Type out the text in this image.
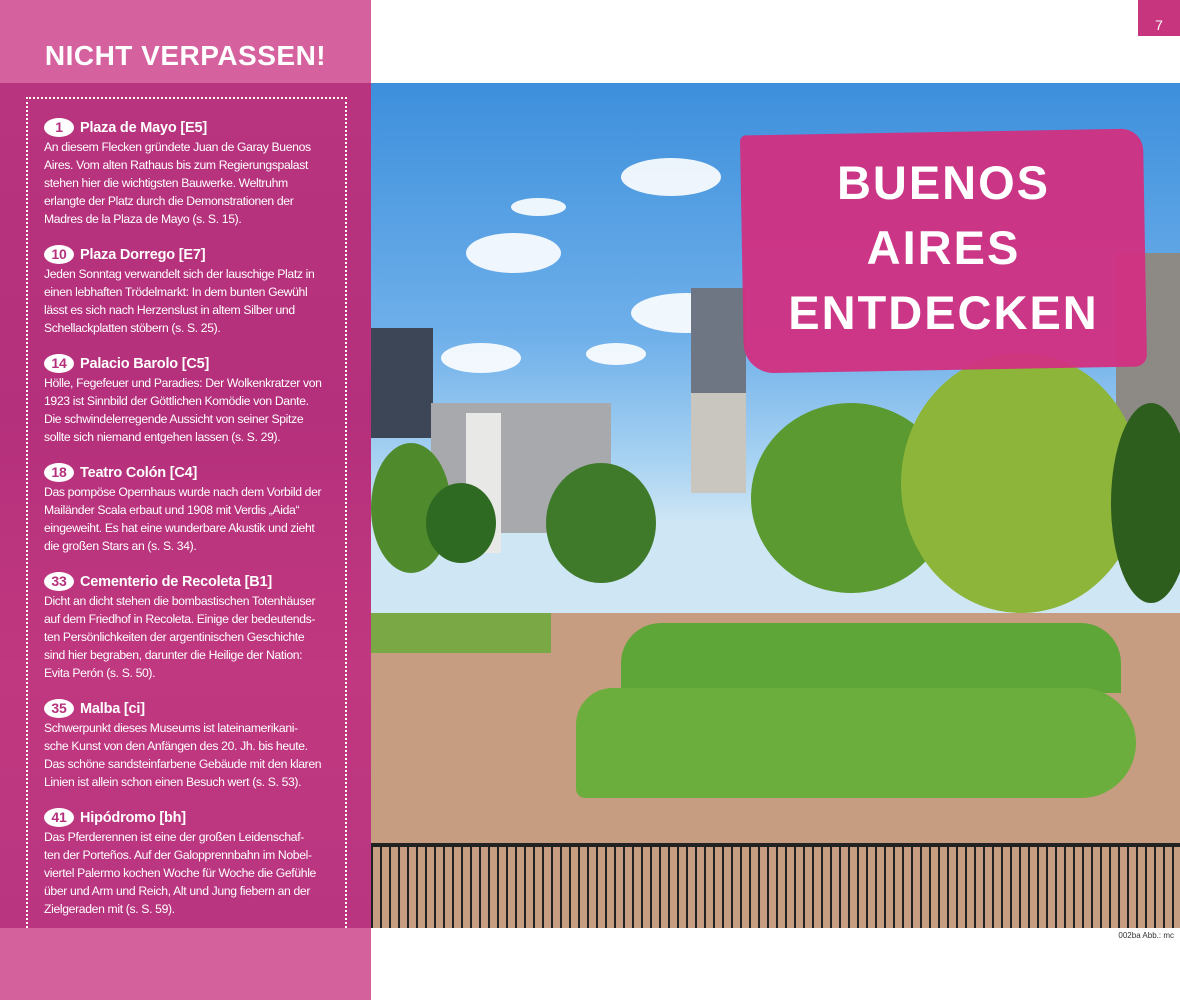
NICHT VERPASSEN!
1	Plaza de Mayo [E5]

An diesem Flecken gründete Juan de Garay Buenos

Aires. Vom alten Rathaus bis zum Regierungspalast

stehen hier die wichtigsten Bauwerke. Weltruhm

erlangte der Platz durch die Demonstrationen der

Madres de la Plaza de Mayo (s. S. 15).

10 Plaza Dorrego [E7]

Jeden Sonntag verwandelt sich der lauschige Platz in

einen lebhaften Trödelmarkt: In dem bunten Gewühl

lässt es sich nach Herzenslust in altem Silber und

Schellackplatten stöbern (s. S. 25).

14 Palacio Barolo [C5]

Hölle, Fegefeuer und Paradies: Der Wolkenkratzer von

1923 ist Sinnbild der Göttlichen Komödie von Dante.

Die schwindelerregende Aussicht von seiner Spitze

sollte sich niemand entgehen lassen (s. S. 29).

18 Teatro Colón [C4]

Das pompöse Opernhaus wurde nach dem Vorbild der

Mailänder Scala erbaut und 1908 mit Verdis „Aida“

eingeweiht. Es hat eine wunderbare Akustik und zieht

die großen Stars an (s. S. 34).

33 Cementerio de Recoleta [B1]

Dicht an dicht stehen die bombastischen Totenhäuser

auf dem Friedhof in Recoleta. Einige der bedeutends-

ten Persönlichkeiten der argentinischen Geschichte

sind hier begraben, darunter die Heilige der Nation:

Evita Perón (s. S. 50).

35 Malba [ci]

Schwerpunkt dieses Museums ist lateinamerikani-

sche Kunst von den Anfängen des 20. Jh. bis heute.

Das schöne sandsteinfarbene Gebäude mit den klaren

Linien ist allein schon einen Besuch wert (s. S. 53).

41 Hipódromo [bh]

Das Pferderennen ist eine der großen Leidenschaf-

ten der Porteños. Auf der Galopprennbahn im Nobel-

viertel Palermo kochen Woche für Woche die Gefühle

über und Arm und Reich, Alt und Jung fiebern an der

Zielgeraden mit (s. S. 59).

BUENOS
AIRES
ENTDECKEN
7
002ba Abb.: mc
